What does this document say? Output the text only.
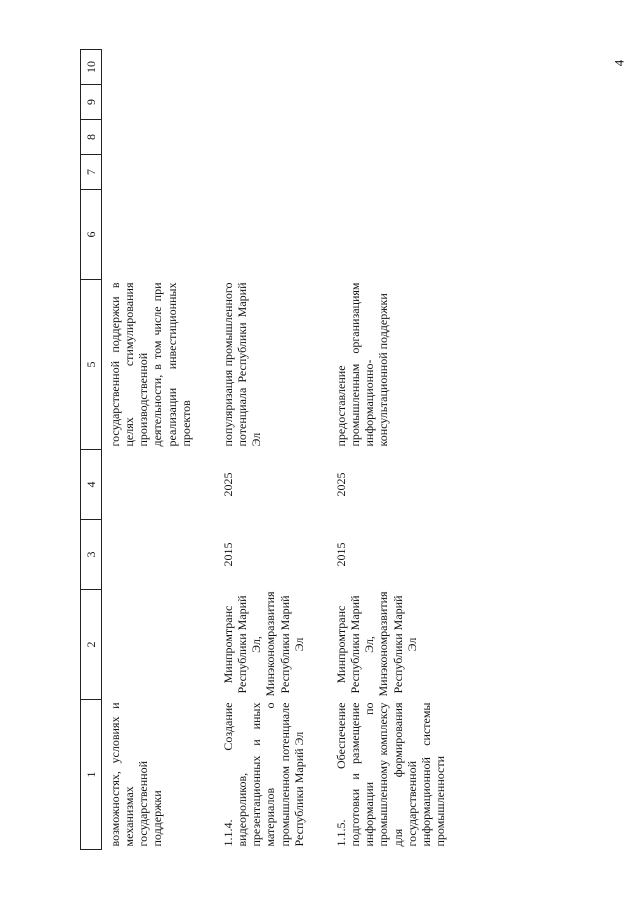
4
1	2	3	4	5	6	7	8	9	10
возможностях, условиях и механизмах государственной поддержки				государственной поддержки в целях стимулирования производственной деятельности, в том числе при реализации инвестиционных проектов					
1.1.4. Создание видеороликов, презентационных и иных материалов о промышленном потенциале Республики Марий Эл	Минпромтранс Республики Марий Эл, Минэкономразвития Республики Марий Эл	2015	2025	популяризация промышленного потенциала Республики Марий Эл					
1.1.5. Обеспечение подготовки и размещение информации по промышленному комплексу для формирования государственной информационной системы промышленности	Минпромтранс Республики Марий Эл, Минэкономразвития Республики Марий Эл	2015	2025	предоставление промышленным организациям информационно-консультационной поддержки					
